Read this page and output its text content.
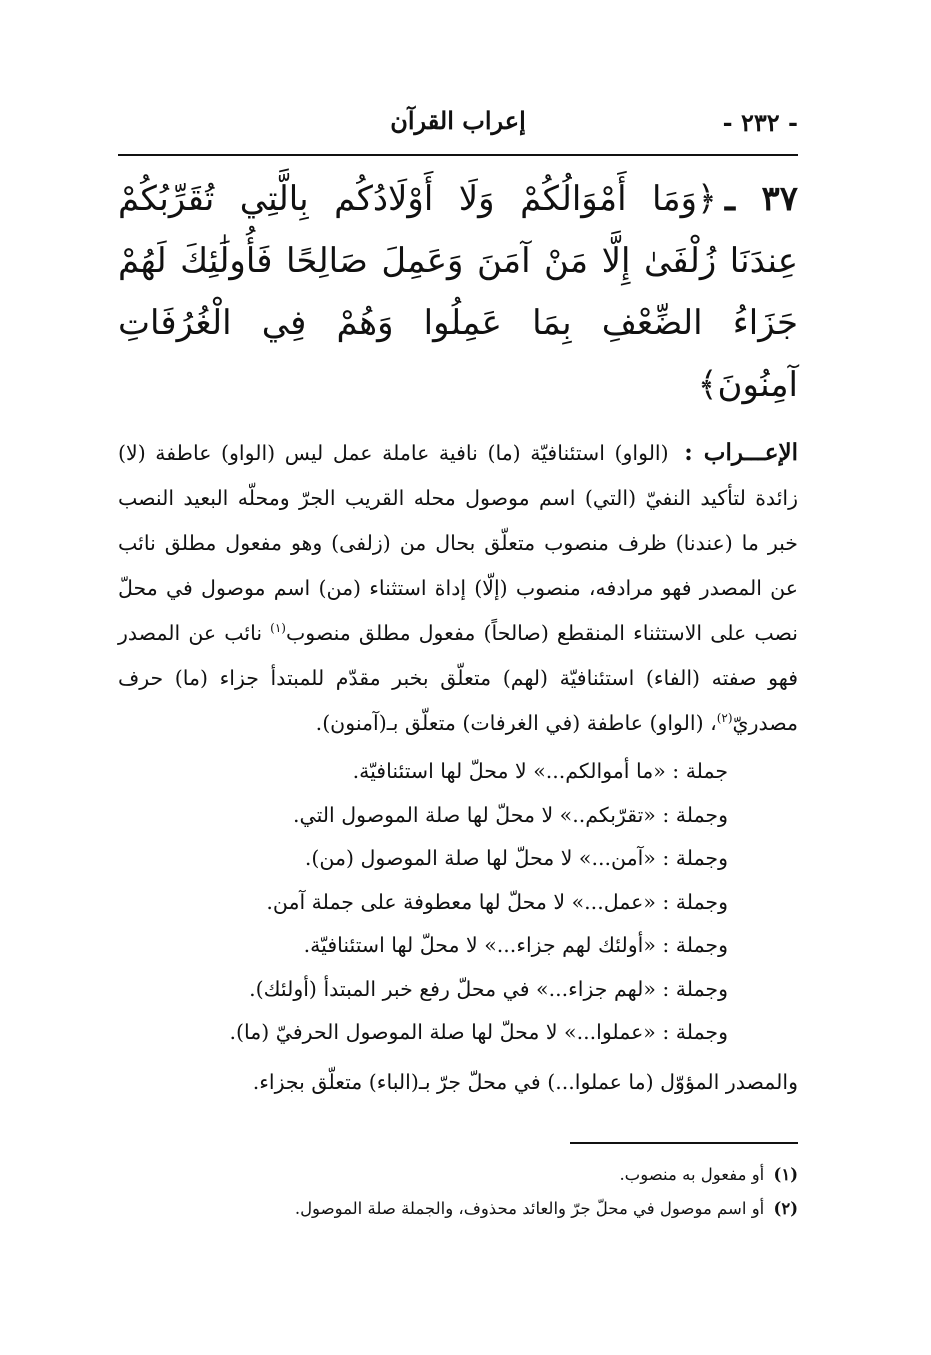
- ٢٣٢ -
إعراب القرآن
٣٧ ـ﴿وَمَا أَمْوَالُكُمْ وَلَا أَوْلَادُكُم بِالَّتِي تُقَرِّبُكُمْ عِندَنَا زُلْفَىٰ إِلَّا مَنْ آمَنَ وَعَمِلَ صَالِحًا فَأُولَٰئِكَ لَهُمْ جَزَاءُ الضِّعْفِ بِمَا عَمِلُوا وَهُمْ فِي الْغُرُفَاتِ آمِنُونَ﴾
الإعـــراب : (الواو) استئنافيّة (ما) نافية عاملة عمل ليس (الواو) عاطفة (لا) زائدة لتأكيد النفيّ (التي) اسم موصول محله القريب الجرّ ومحلّه البعيد النصب خبر ما (عندنا) ظرف منصوب متعلّق بحال من (زلفى) وهو مفعول مطلق نائب عن المصدر فهو مرادفه، منصوب (إلّا) إداة استثناء (من) اسم موصول في محلّ نصب على الاستثناء المنقطع (صالحاً) مفعول مطلق منصوب$^{(١)}$ نائب عن المصدر فهو صفته (الفاء) استئنافيّة (لهم) متعلّق بخبر مقدّم للمبتدأ جزاء (ما) حرف مصدريّ$^{(٢)}$، (الواو) عاطفة (في الغرفات) متعلّق بـ(آمنون).
جملة : «ما أموالكم...» لا محلّ لها استئنافيّة.
وجملة : «تقرّبكم..» لا محلّ لها صلة الموصول التي.
وجملة : «آمن...» لا محلّ لها صلة الموصول (من).
وجملة : «عمل...» لا محلّ لها معطوفة على جملة آمن.
وجملة : «أولئك لهم جزاء...» لا محلّ لها استئنافيّة.
وجملة : «لهم جزاء...» في محلّ رفع خبر المبتدأ (أولئك).
وجملة : «عملوا...» لا محلّ لها صلة الموصول الحرفيّ (ما).
والمصدر المؤوّل (ما عملوا...) في محلّ جرّ بـ(الباء) متعلّق بجزاء.
(١) أو مفعول به منصوب.
(٢) أو اسم موصول في محلّ جرّ والعائد محذوف، والجملة صلة الموصول.
